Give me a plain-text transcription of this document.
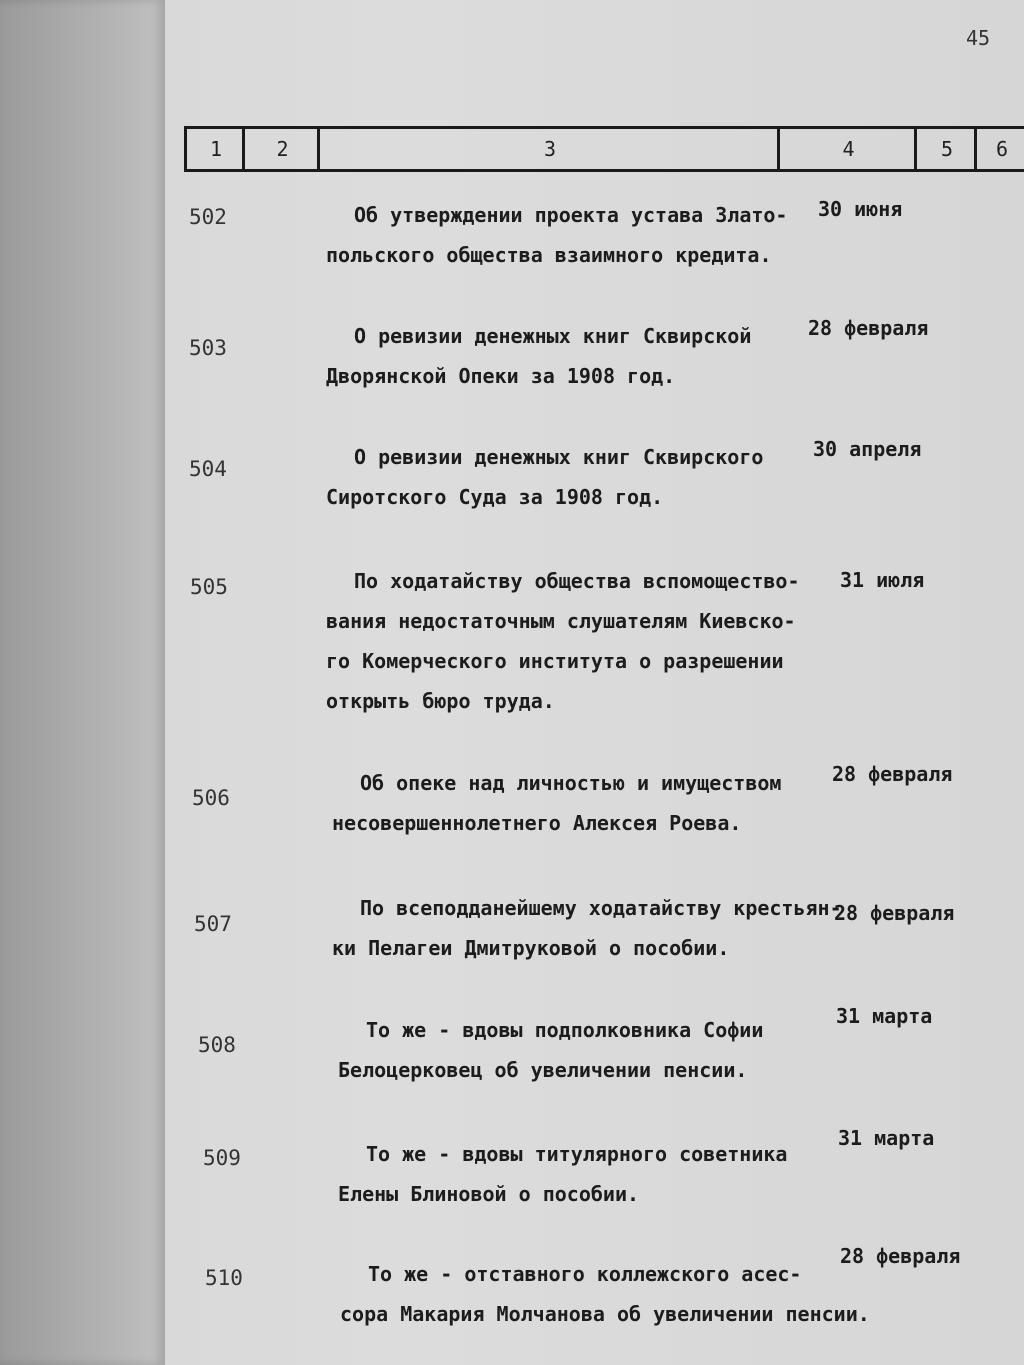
45
1	2	3	4	5	6
502	Об утверждении проекта устава Злато-
польского общества взаимного кредита.
30 июня
503	О ревизии денежных книг Сквирской
Дворянской Опеки за 1908 год.
28 февраля
504	О ревизии денежных книг Сквирского
Сиротского Суда за 1908 год.
30 апреля
505	По ходатайству общества вспомоществo-
вания недостаточным слушателям Киевско-
го Комерческого института о разрешении
открыть бюро труда.
31 июля
506
Об опеке над личностью и имуществом
несовершеннолетнего Алексея Роева.
28 февраля
507
По всеподданейшему ходатайству крестьян-
ки Пелагеи Дмитруковой о пособии.
28 февраля
508
То же - вдовы подполковника Софии
Белоцерковец об увеличении пенсии.
31 марта
509	То же - вдовы титулярного советника
Елены Блиновой о пособии.
31 марта
510	То же - отставного коллежского асес-
сора Макария Молчанова об увеличении пенсии.
28 февраля
